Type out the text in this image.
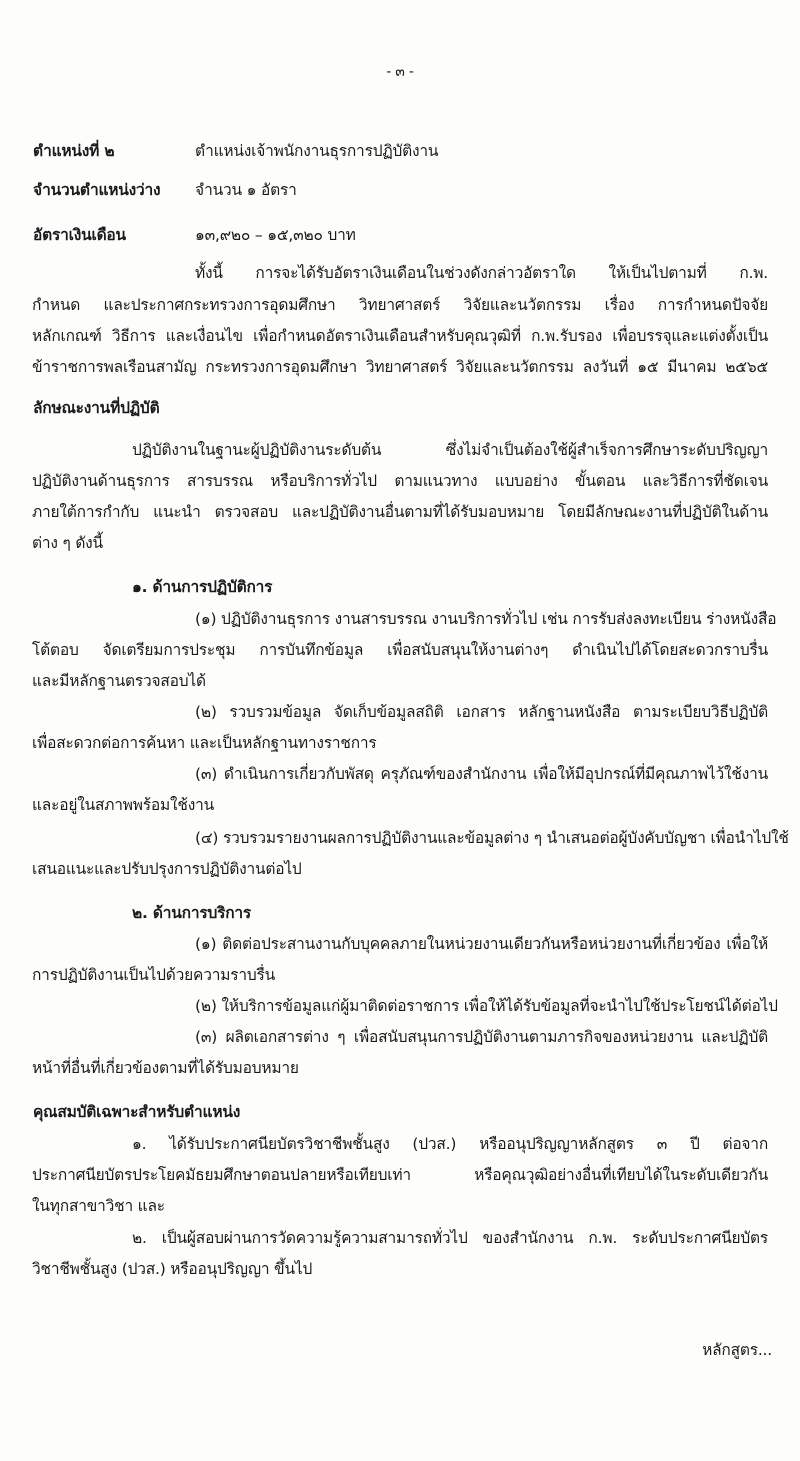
- ๓ -
ตำแหน่งที่ ๒	ตำแหน่งเจ้าพนักงานธุรการปฏิบัติงาน
จำนวนตำแหน่งว่าง จำนวน ๑ อัตรา
อัตราเงินเดือน	๑๓,๙๒๐ – ๑๕,๓๒๐ บาท
ทั้งนี้ การจะได้รับอัตราเงินเดือนในช่วงดังกล่าวอัตราใด ให้เป็นไปตามที่ ก.พ.
กำหนด และประกาศกระทรวงการอุดมศึกษา วิทยาศาสตร์ วิจัยและนวัตกรรม เรื่อง การกำหนดปัจจัย
หลักเกณฑ์ วิธีการ และเงื่อนไข เพื่อกำหนดอัตราเงินเดือนสำหรับคุณวุฒิที่ ก.พ.รับรอง เพื่อบรรจุและแต่งตั้งเป็น
ข้าราชการพลเรือนสามัญ กระทรวงการอุดมศึกษา วิทยาศาสตร์ วิจัยและนวัตกรรม ลงวันที่ ๑๕ มีนาคม ๒๕๖๕
ลักษณะงานที่ปฏิบัติ
ปฏิบัติงานในฐานะผู้ปฏิบัติงานระดับต้น ซึ่งไม่จำเป็นต้องใช้ผู้สำเร็จการศึกษาระดับปริญญา
ปฏิบัติงานด้านธุรการ สารบรรณ หรือบริการทั่วไป ตามแนวทาง แบบอย่าง ขั้นตอน และวิธีการที่ชัดเจน
ภายใต้การกำกับ แนะนำ ตรวจสอบ และปฏิบัติงานอื่นตามที่ได้รับมอบหมาย โดยมีลักษณะงานที่ปฏิบัติในด้าน
ต่าง ๆ ดังนี้
๑. ด้านการปฏิบัติการ
(๑) ปฏิบัติงานธุรการ งานสารบรรณ งานบริการทั่วไป เช่น การรับส่งลงทะเบียน ร่างหนังสือ
โต้ตอบ จัดเตรียมการประชุม การบันทึกข้อมูล เพื่อสนับสนุนให้งานต่างๆ ดำเนินไปได้โดยสะดวกราบรื่น
และมีหลักฐานตรวจสอบได้
(๒) รวบรวมข้อมูล จัดเก็บข้อมูลสถิติ เอกสาร หลักฐานหนังสือ ตามระเบียบวิธีปฏิบัติ
เพื่อสะดวกต่อการค้นหา และเป็นหลักฐานทางราชการ
(๓) ดำเนินการเกี่ยวกับพัสดุ ครุภัณฑ์ของสำนักงาน เพื่อให้มีอุปกรณ์ที่มีคุณภาพไว้ใช้งาน
และอยู่ในสภาพพร้อมใช้งาน
(๔) รวบรวมรายงานผลการปฏิบัติงานและข้อมูลต่าง ๆ นำเสนอต่อผู้บังคับบัญชา เพื่อนำไปใช้
เสนอแนะและปรับปรุงการปฏิบัติงานต่อไป
๒. ด้านการบริการ
(๑) ติดต่อประสานงานกับบุคคลภายในหน่วยงานเดียวกันหรือหน่วยงานที่เกี่ยวข้อง เพื่อให้
การปฏิบัติงานเป็นไปด้วยความราบรื่น
(๒) ให้บริการข้อมูลแก่ผู้มาติดต่อราชการ เพื่อให้ได้รับข้อมูลที่จะนำไปใช้ประโยชน์ได้ต่อไป
(๓) ผลิตเอกสารต่าง ๆ เพื่อสนับสนุนการปฏิบัติงานตามภารกิจของหน่วยงาน และปฏิบัติ
หน้าที่อื่นที่เกี่ยวข้องตามที่ได้รับมอบหมาย
คุณสมบัติเฉพาะสำหรับตำแหน่ง
๑. ได้รับประกาศนียบัตรวิชาชีพชั้นสูง (ปวส.) หรืออนุปริญญาหลักสูตร ๓ ปี ต่อจาก
ประกาศนียบัตรประโยคมัธยมศึกษาตอนปลายหรือเทียบเท่า หรือคุณวุฒิอย่างอื่นที่เทียบได้ในระดับเดียวกัน
ในทุกสาขาวิชา และ
๒. เป็นผู้สอบผ่านการวัดความรู้ความสามารถทั่วไป ของสำนักงาน ก.พ. ระดับประกาศนียบัตร
วิชาชีพชั้นสูง (ปวส.) หรืออนุปริญญา ขึ้นไป
หลักสูตร...
